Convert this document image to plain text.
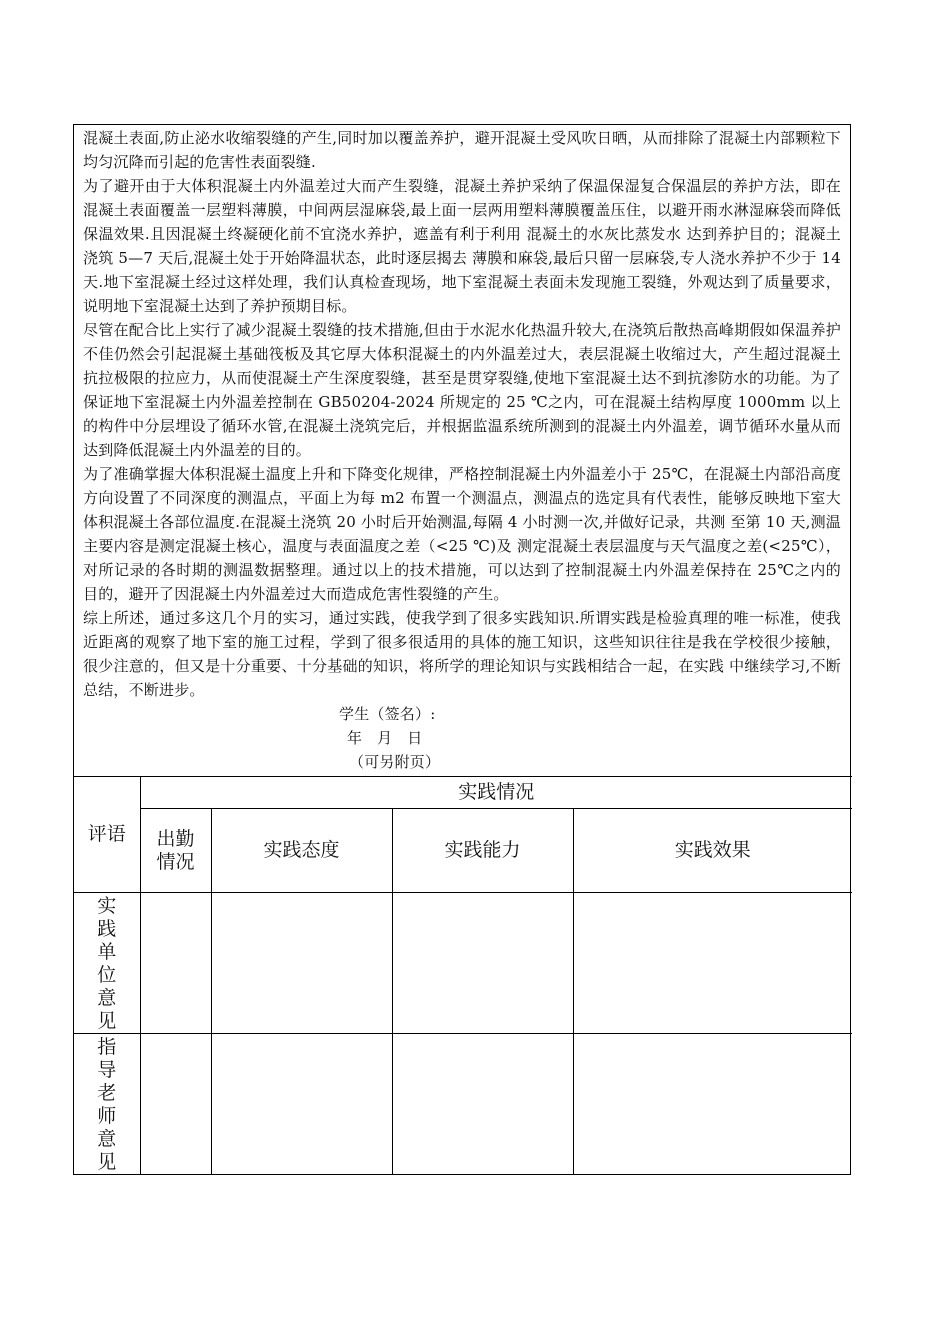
混凝土表面,防止泌水收缩裂缝的产生,同时加以覆盖养护，避开混凝土受风吹日晒，从而排除了混凝土内部颗粒下均匀沉降而引起的危害性表面裂缝.

为了避开由于大体积混凝土内外温差过大而产生裂缝，混凝土养护采纳了保温保湿复合保温层的养护方法，即在混凝土表面覆盖一层塑料薄膜，中间两层湿麻袋,最上面一层两用塑料薄膜覆盖压住，以避开雨水淋湿麻袋而降低保温效果.且因混凝土终凝硬化前不宜浇水养护，遮盖有利于利用 混凝土的水灰比蒸发水 达到养护目的；混凝土浇筑 5—7 天后,混凝土处于开始降温状态，此时逐层揭去 薄膜和麻袋,最后只留一层麻袋,专人浇水养护不少于 14 天.地下室混凝土经过这样处理，我们认真检查现场，地下室混凝土表面未发现施工裂缝，外观达到了质量要求，说明地下室混凝土达到了养护预期目标。

尽管在配合比上实行了减少混凝土裂缝的技术措施,但由于水泥水化热温升较大,在浇筑后散热高峰期假如保温养护不佳仍然会引起混凝土基础筏板及其它厚大体积混凝土的内外温差过大，表层混凝土收缩过大，产生超过混凝土抗拉极限的拉应力，从而使混凝土产生深度裂缝，甚至是贯穿裂缝,使地下室混凝土达不到抗渗防水的功能。为了保证地下室混凝土内外温差控制在 GB50204-2024 所规定的 25 ℃之内，可在混凝土结构厚度 1000mm 以上的构件中分层埋设了循环水管,在混凝土浇筑完后，并根据监温系统所测到的混凝土内外温差，调节循环水量从而达到降低混凝土内外温差的目的。

为了准确掌握大体积混凝土温度上升和下降变化规律，严格控制混凝土内外温差小于 25℃，在混凝土内部沿高度方向设置了不同深度的测温点，平面上为每 m2 布置一个测温点，测温点的选定具有代表性，能够反映地下室大体积混凝土各部位温度.在混凝土浇筑 20 小时后开始测温,每隔 4 小时测一次,并做好记录，共测 至第 10 天,测温主要内容是测定混凝土核心，温度与表面温度之差（<25 ℃)及 测定混凝土表层温度与天气温度之差(<25℃），对所记录的各时期的测温数据整理。通过以上的技术措施，可以达到了控制混凝土内外温差保持在 25℃之内的 目的，避开了因混凝土内外温差过大而造成危害性裂缝的产生。

综上所述，通过多这几个月的实习，通过实践，使我学到了很多实践知识.所谓实践是检验真理的唯一标准，使我近距离的观察了地下室的施工过程，学到了很多很适用的具体的施工知识，这些知识往往是我在学校很少接触，很少注意的，但又是十分重要、十分基础的知识，将所学的理论知识与实践相结合一起，在实践 中继续学习,不断总结，不断进步。

学生（签名）:

年   月   日

（可另附页）

评语	实践情况			
	出勤情况	实践态度	实践能力	实践效果
实践单位意见				
指导老师意见				
